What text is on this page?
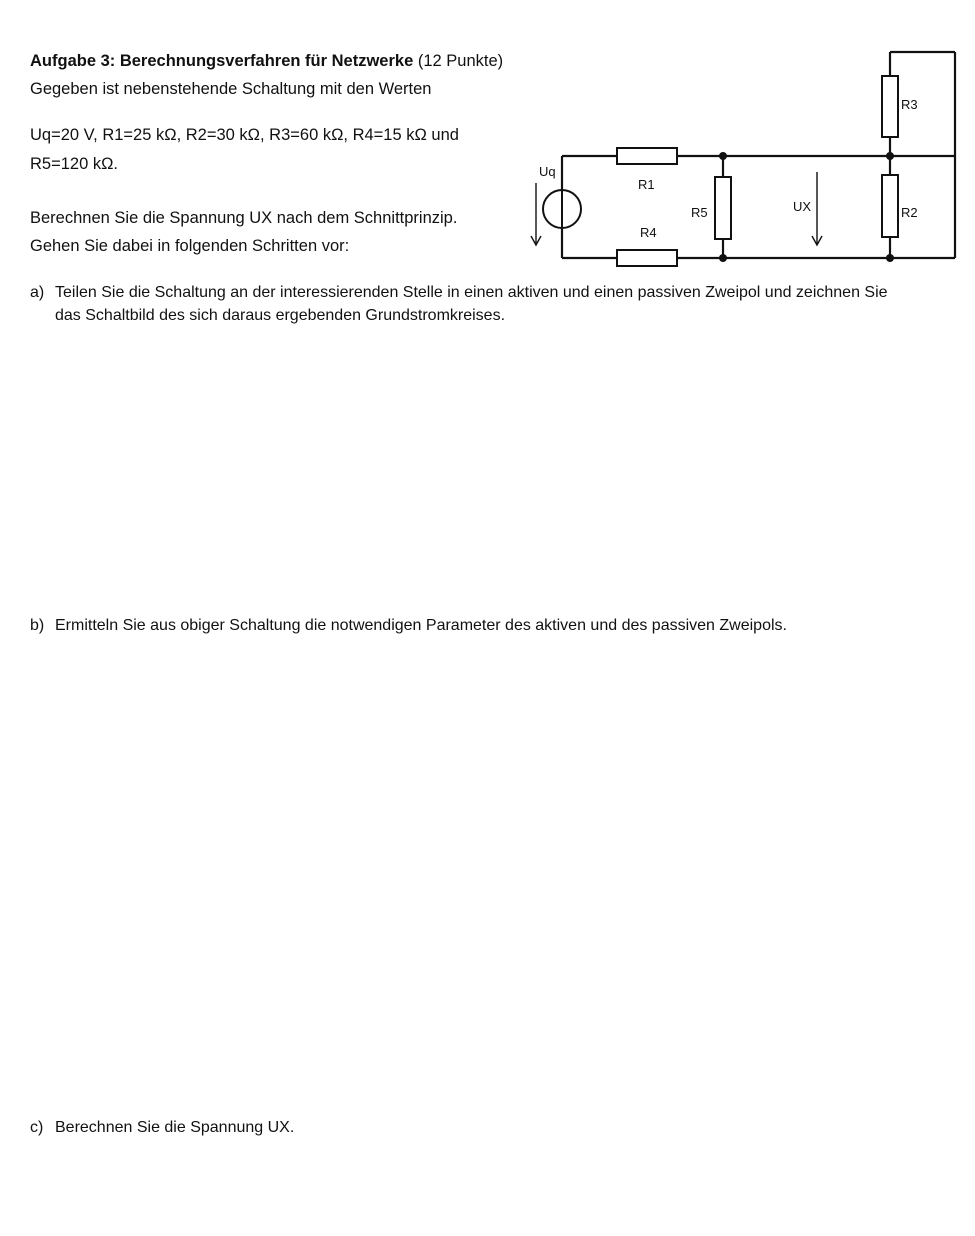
Aufgabe 3: Berechnungsverfahren für Netzwerke (12 Punkte)
Gegeben ist nebenstehende Schaltung mit den Werten
Uq=20 V, R1=25 kΩ, R2=30 kΩ, R3=60 kΩ, R4=15 kΩ und
R5=120 kΩ.
Berechnen Sie die Spannung UX nach dem Schnittprinzip.
Gehen Sie dabei in folgenden Schritten vor:
Uq
R1
R4
R5	UX	R2
R3
a) Teilen Sie die Schaltung an der interessierenden Stelle in einen aktiven und einen passiven Zweipol und zeichnen Sie
das Schaltbild des sich daraus ergebenden Grundstromkreises.
b) Ermitteln Sie aus obiger Schaltung die notwendigen Parameter des aktiven und des passiven Zweipols.
c) Berechnen Sie die Spannung UX.
